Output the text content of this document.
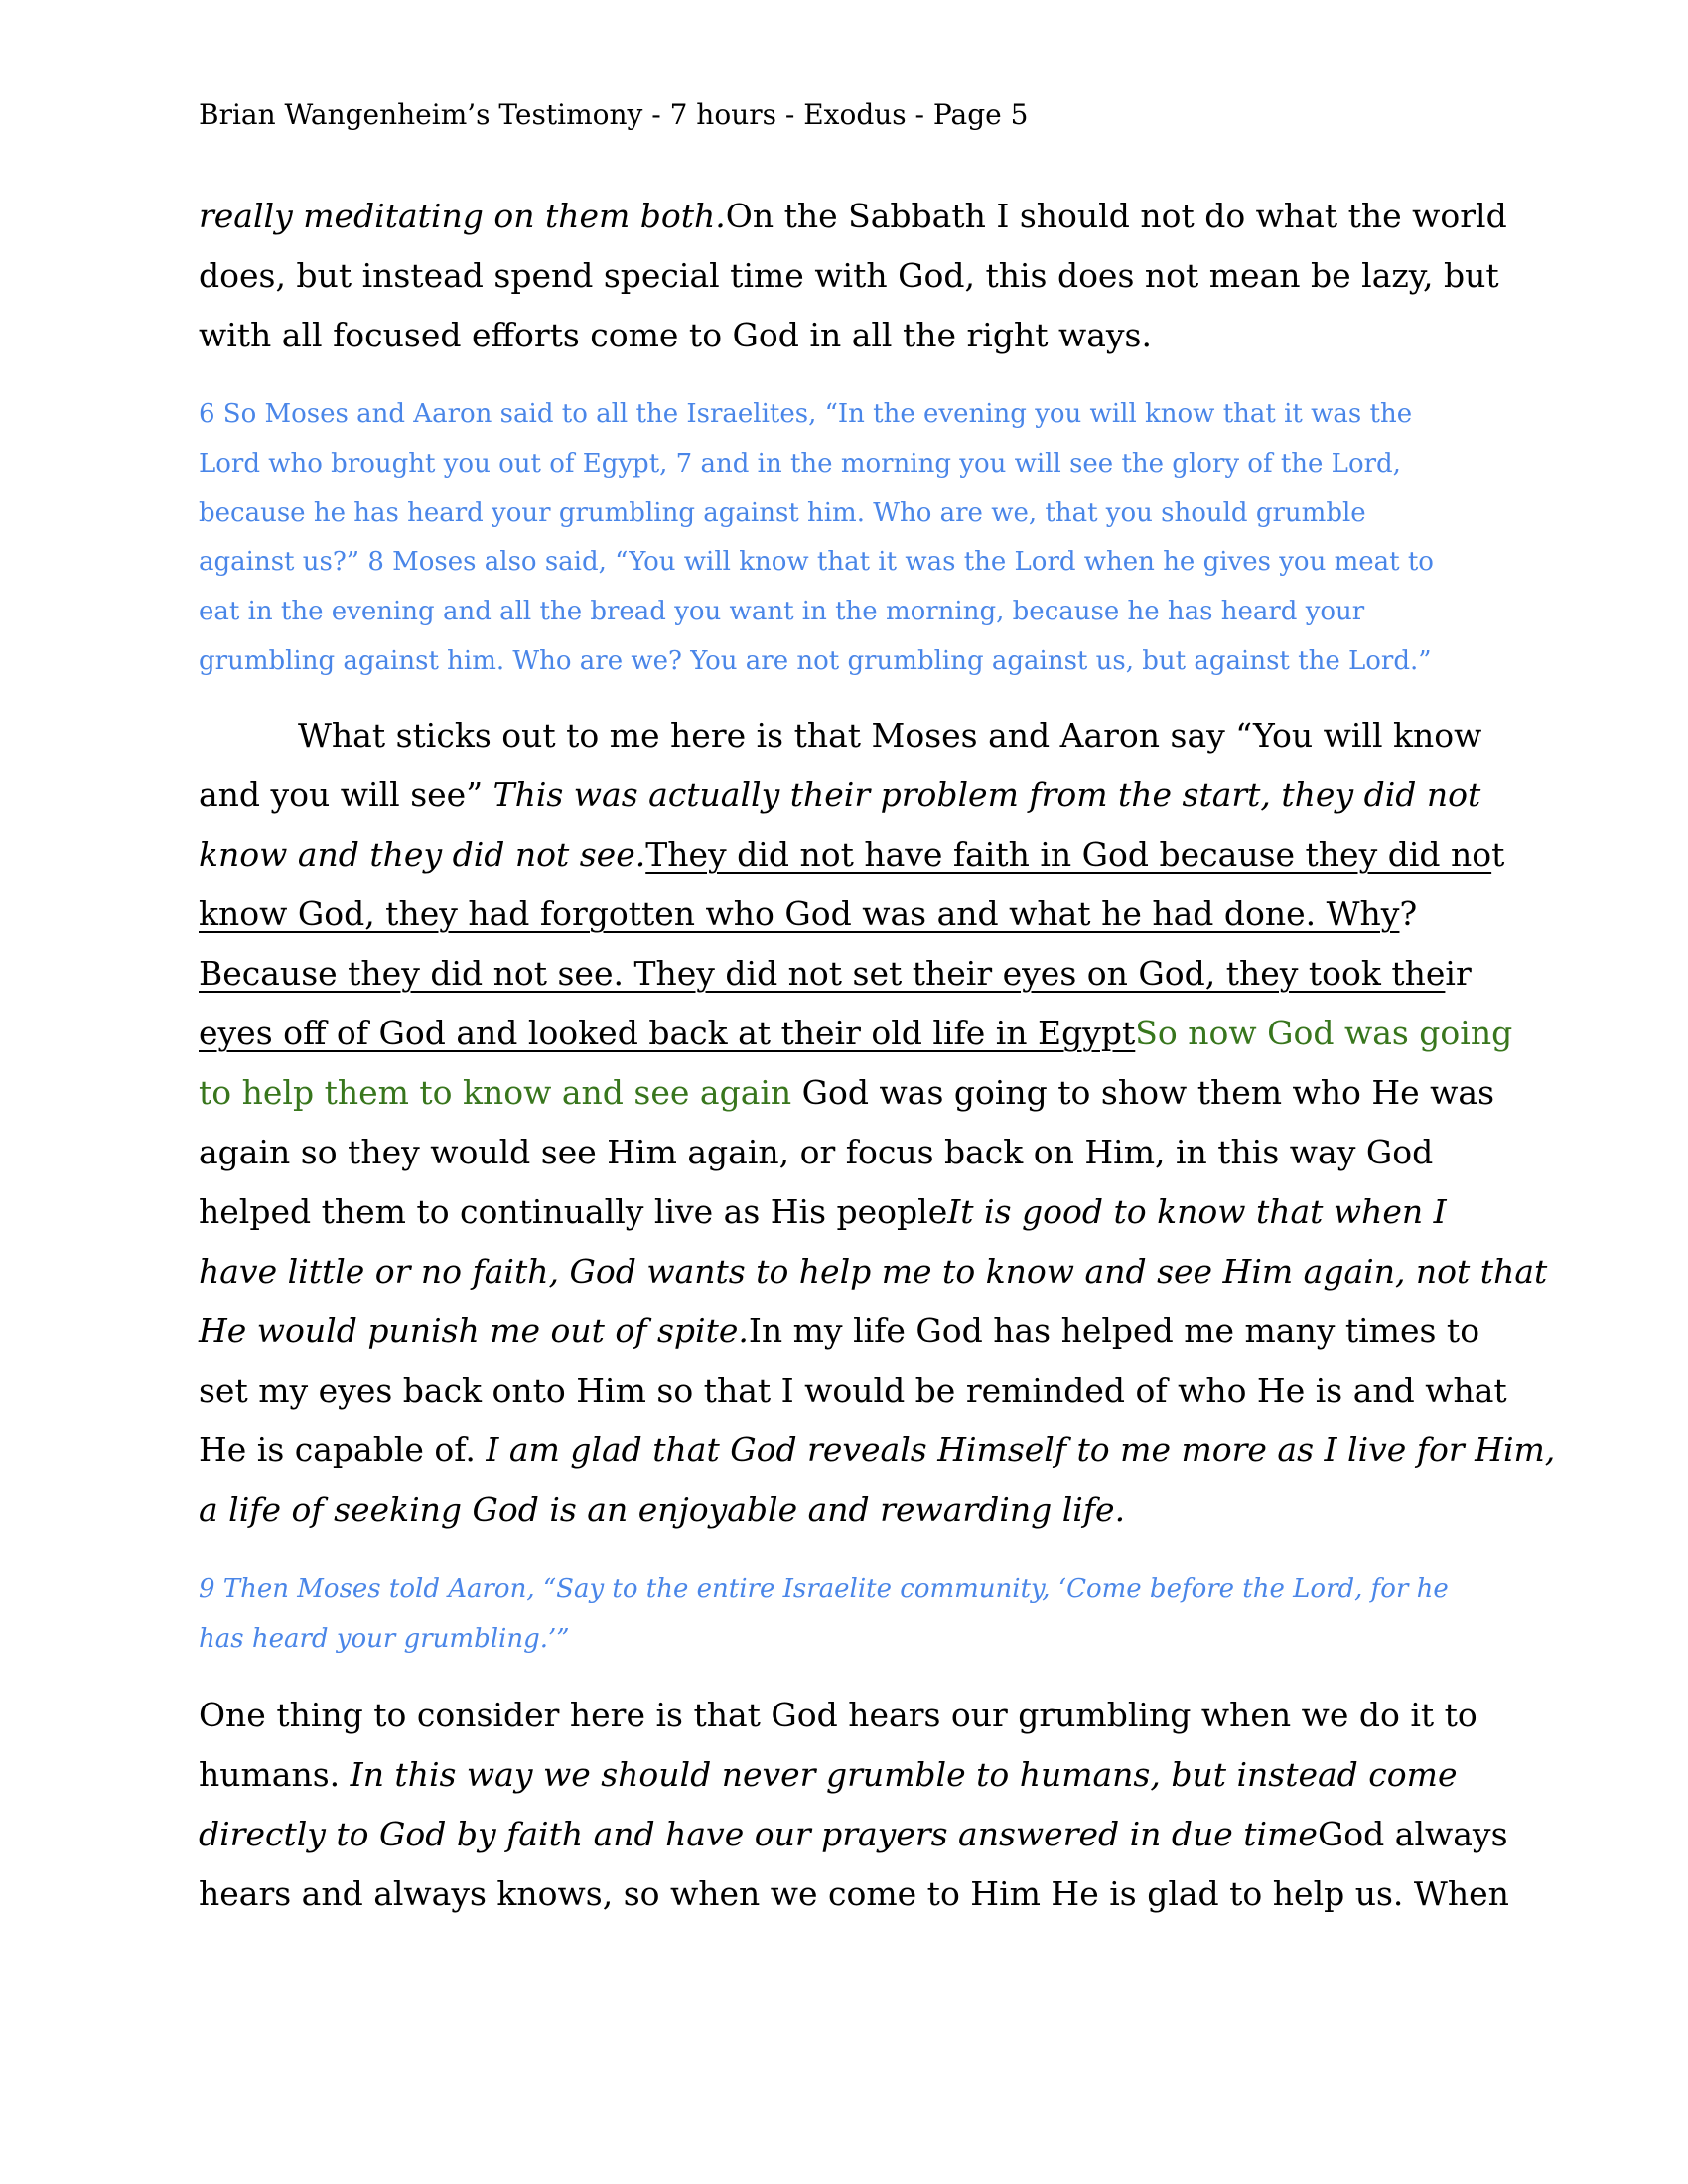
Brian Wangenheim’s Testimony - 7 hours - Exodus - Page 5
really meditating on them both.On the Sabbath I should not do what the world
does, but instead spend special time with God, this does not mean be lazy, but
with all focused efforts come to God in all the right ways.
6 So Moses and Aaron said to all the Israelites, “In the evening you will know that it was the
Lord who brought you out of Egypt, 7 and in the morning you will see the glory of the Lord,
because he has heard your grumbling against him. Who are we, that you should grumble
against us?” 8 Moses also said, “You will know that it was the Lord when he gives you meat to
eat in the evening and all the bread you want in the morning, because he has heard your
grumbling against him. Who are we? You are not grumbling against us, but against the Lord.”
What sticks out to me here is that Moses and Aaron say “You will know
and you will see” This was actually their problem from the start, they did not
know and they did not see.They did not have faith in God because they did not
know God, they had forgotten who God was and what he had done. Why?
Because they did not see. They did not set their eyes on God, they took their
eyes off of God and looked back at their old life in EgyptSo now God was going
to help them to know and see again God was going to show them who He was
again so they would see Him again, or focus back on Him, in this way God
helped them to continually live as His peopleIt is good to know that when I
have little or no faith, God wants to help me to know and see Him again, not that
He would punish me out of spite.In my life God has helped me many times to
set my eyes back onto Him so that I would be reminded of who He is and what
He is capable of. I am glad that God reveals Himself to me more as I live for Him,
a life of seeking God is an enjoyable and rewarding life.
9 Then Moses told Aaron, “Say to the entire Israelite community, ‘Come before the Lord, for he
has heard your grumbling.’”
One thing to consider here is that God hears our grumbling when we do it to
humans. In this way we should never grumble to humans, but instead come
directly to God by faith and have our prayers answered in due timeGod always
hears and always knows, so when we come to Him He is glad to help us. When
